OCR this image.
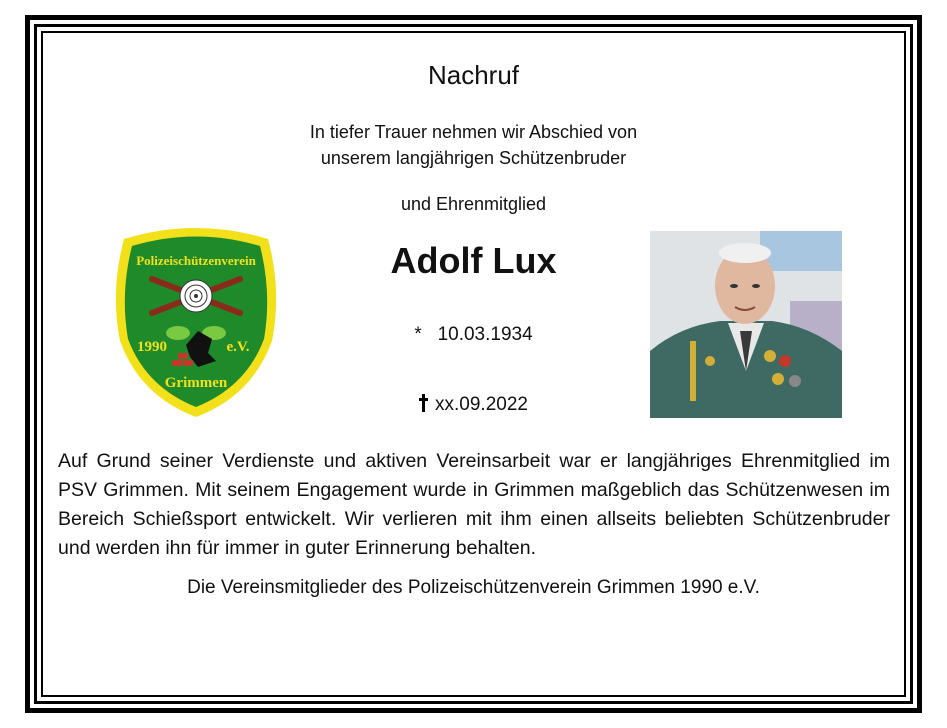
Nachruf
In tiefer Trauer nehmen wir Abschied von
unserem langjährigen Schützenbruder
und Ehrenmitglied
Adolf Lux
* 10.03.1934
xx.09.2022
Polizeischützenverein
1990	e.V.
Grimmen
Auf Grund seiner Verdienste und aktiven Vereinsarbeit war er langjähriges Ehrenmitglied im PSV Grimmen. Mit seinem Engagement wurde in Grimmen maßgeblich das Schützenwesen im Bereich Schießsport entwickelt. Wir verlieren mit ihm einen allseits beliebten Schützenbruder und werden ihn für immer in guter Erinnerung behalten.
Die Vereinsmitglieder des Polizeischützenverein Grimmen 1990 e.V.
